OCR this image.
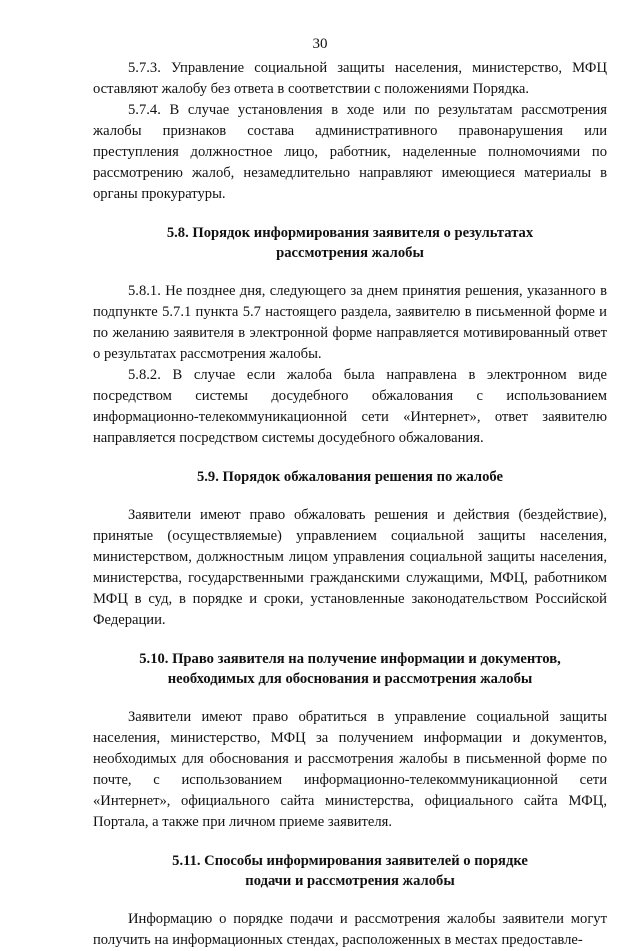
30

5.7.3. Управление социальной защиты населения, министерство, МФЦ оставляют жалобу без ответа в соответствии с положениями Порядка.

5.7.4. В случае установления в ходе или по результатам рассмотрения жалобы признаков состава административного правонарушения или преступления должностное лицо, работник, наделенные полномочиями по рассмотрению жалоб, незамедлительно направляют имеющиеся материалы в органы прокуратуры.

5.8. Порядок информирования заявителя о результатах
рассмотрения жалобы

5.8.1. Не позднее дня, следующего за днем принятия решения, указанного в подпункте 5.7.1 пункта 5.7 настоящего раздела, заявителю в письменной форме и по желанию заявителя в электронной форме направляется мотивированный ответ о результатах рассмотрения жалобы.

5.8.2. В случае если жалоба была направлена в электронном виде посредством системы досудебного обжалования с использованием информационно-телекоммуникационной сети «Интернет», ответ заявителю направляется посредством системы досудебного обжалования.

5.9. Порядок обжалования решения по жалобе

Заявители имеют право обжаловать решения и действия (бездействие), принятые (осуществляемые) управлением социальной защиты населения, министерством, должностным лицом управления социальной защиты населения, министерства, государственными гражданскими служащими, МФЦ, работником МФЦ в суд, в порядке и сроки, установленные законодательством Российской Федерации.

5.10. Право заявителя на получение информации и документов,
необходимых для обоснования и рассмотрения жалобы

Заявители имеют право обратиться в управление социальной защиты населения, министерство, МФЦ за получением информации и документов, необходимых для обоснования и рассмотрения жалобы в письменной форме по почте, с использованием информационно-телекоммуникационной сети «Интернет», официального сайта министерства, официального сайта МФЦ, Портала, а также при личном приеме заявителя.

5.11. Способы информирования заявителей о порядке
подачи и рассмотрения жалобы

Информацию о порядке подачи и рассмотрения жалобы заявители могут получить на информационных стендах, расположенных в местах предоставле-
